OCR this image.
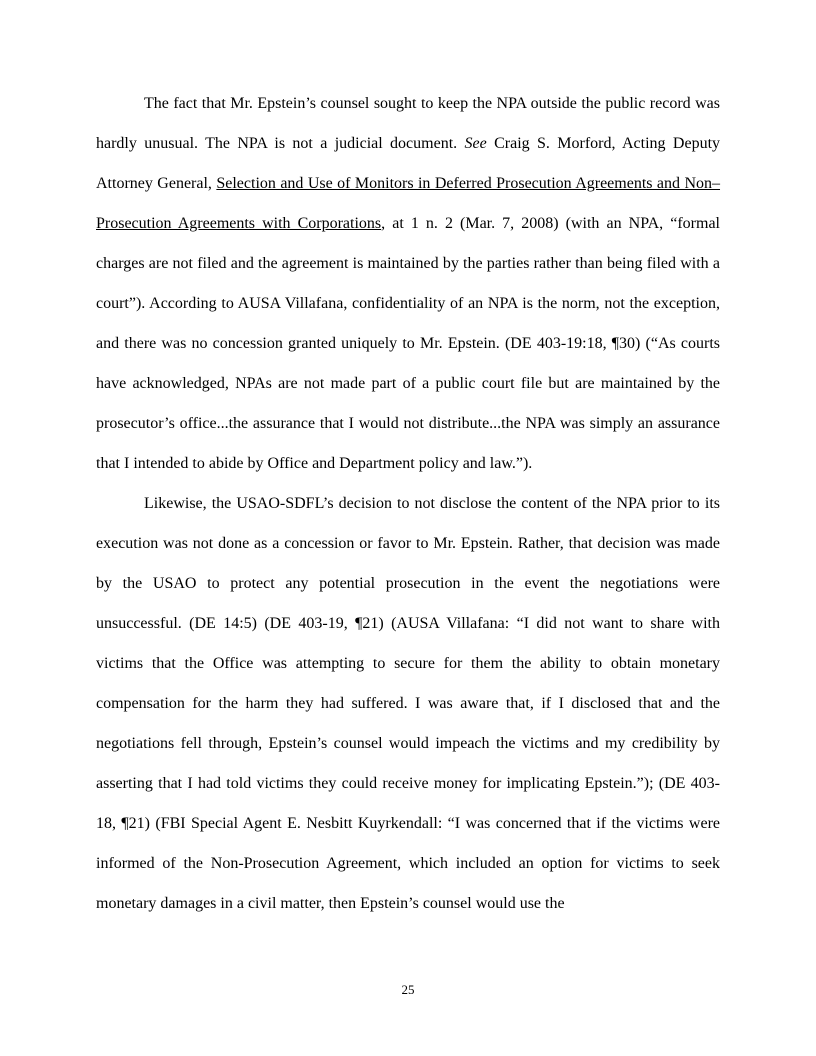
The fact that Mr. Epstein’s counsel sought to keep the NPA outside the public record was hardly unusual. The NPA is not a judicial document. See Craig S. Morford, Acting Deputy Attorney General, Selection and Use of Monitors in Deferred Prosecution Agreements and Non–Prosecution Agreements with Corporations, at 1 n. 2 (Mar. 7, 2008) (with an NPA, “formal charges are not filed and the agreement is maintained by the parties rather than being filed with a court”). According to AUSA Villafana, confidentiality of an NPA is the norm, not the exception, and there was no concession granted uniquely to Mr. Epstein. (DE 403-19:18, ¶30) (“As courts have acknowledged, NPAs are not made part of a public court file but are maintained by the prosecutor’s office...the assurance that I would not distribute...the NPA was simply an assurance that I intended to abide by Office and Department policy and law.”).

Likewise, the USAO-SDFL’s decision to not disclose the content of the NPA prior to its execution was not done as a concession or favor to Mr. Epstein. Rather, that decision was made by the USAO to protect any potential prosecution in the event the negotiations were unsuccessful. (DE 14:5) (DE 403-19, ¶21) (AUSA Villafana: “I did not want to share with victims that the Office was attempting to secure for them the ability to obtain monetary compensation for the harm they had suffered. I was aware that, if I disclosed that and the negotiations fell through, Epstein’s counsel would impeach the victims and my credibility by asserting that I had told victims they could receive money for implicating Epstein.”); (DE 403-18, ¶21) (FBI Special Agent E. Nesbitt Kuyrkendall: “I was concerned that if the victims were informed of the Non-Prosecution Agreement, which included an option for victims to seek monetary damages in a civil matter, then Epstein’s counsel would use the

25
